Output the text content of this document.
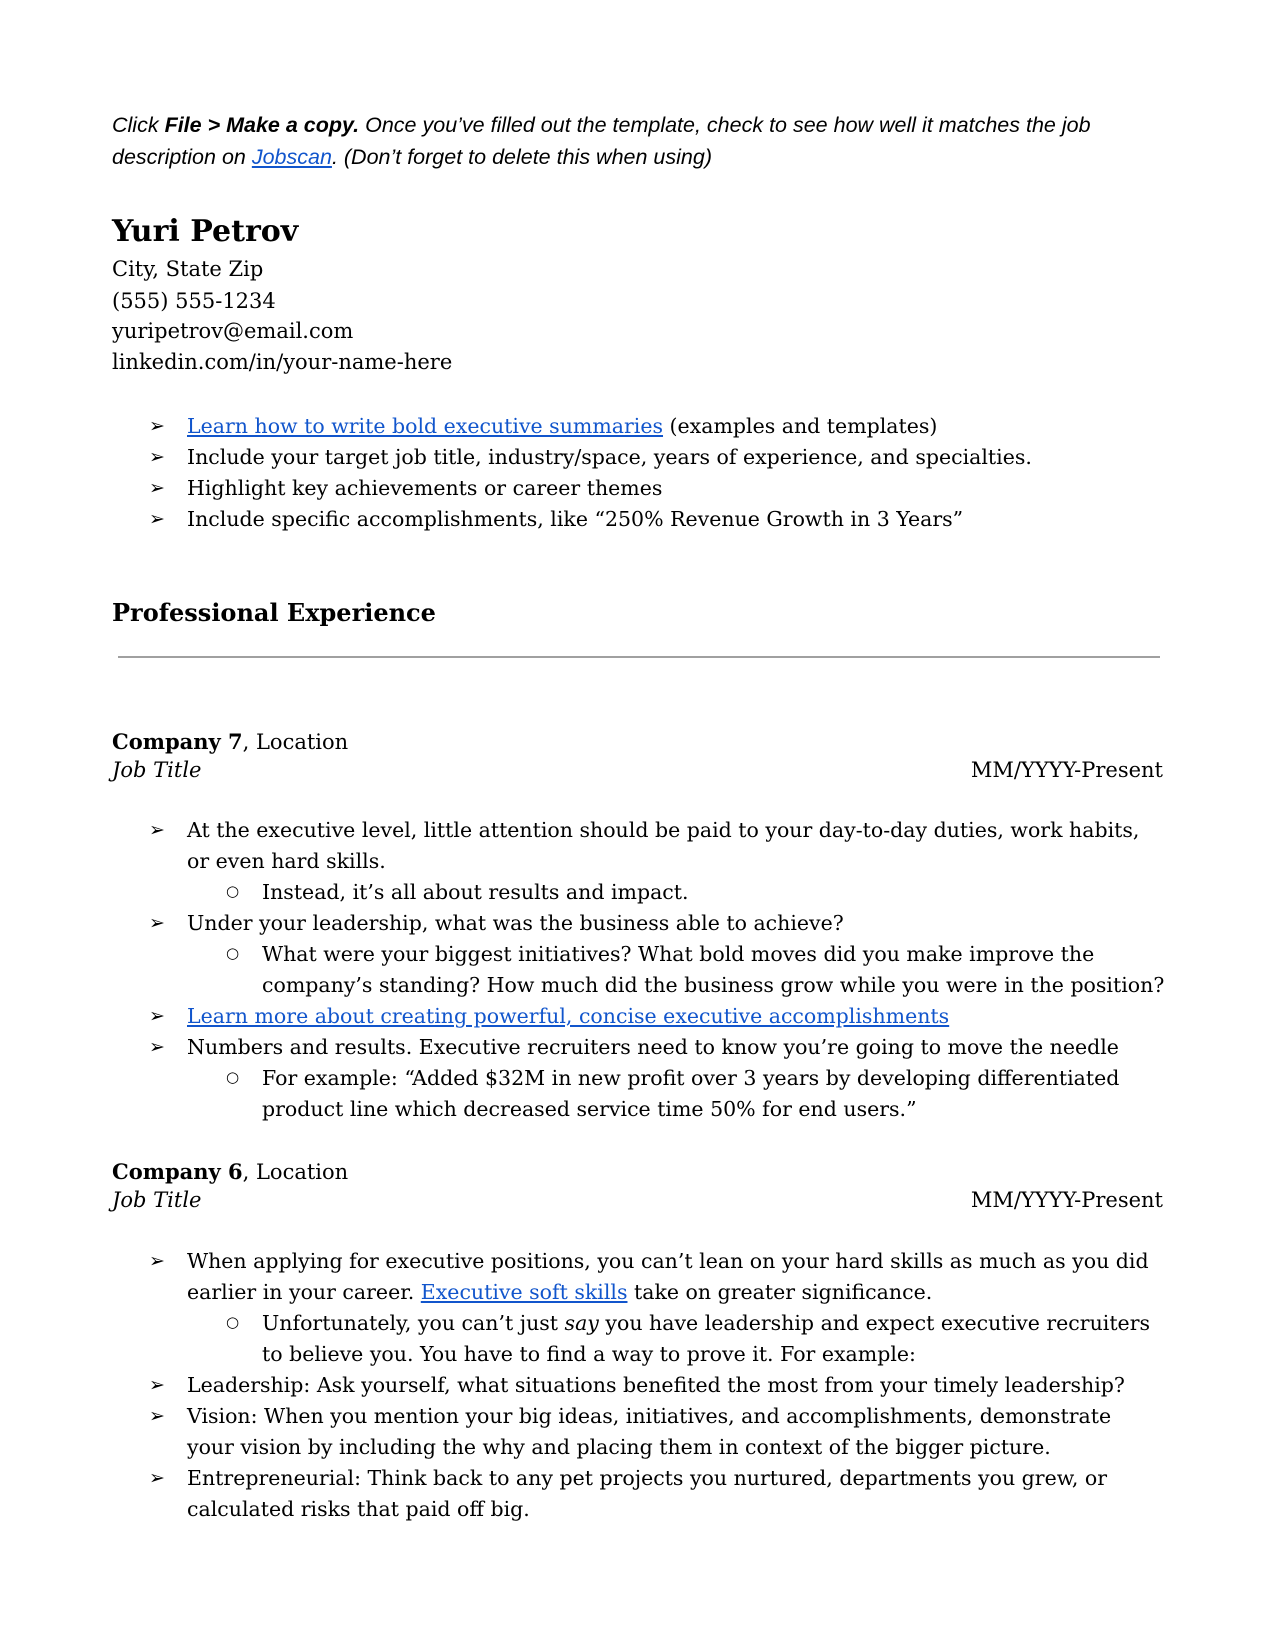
Click File > Make a copy. Once you’ve filled out the template, check to see how well it matches the job description on Jobscan. (Don’t forget to delete this when using)
Yuri Petrov
City, State Zip
(555) 555-1234
yuripetrov@email.com
linkedin.com/in/your-name-here
➢ Learn how to write bold executive summaries (examples and templates)
➢ Include your target job title, industry/space, years of experience, and specialties.
➢ Highlight key achievements or career themes
➢ Include specific accomplishments, like “250% Revenue Growth in 3 Years”
Professional Experience
Company 7, Location
Job Title	MM/YYYY-Present
➢ At the executive level, little attention should be paid to your day-to-day duties, work habits, or even hard skills.
➢ Under your leadership, what was the business able to achieve?
➢ Learn more about creating powerful, concise executive accomplishments
➢ Numbers and results. Executive recruiters need to know you’re going to move the needle
○ Instead, it’s all about results and impact.
○ What were your biggest initiatives? What bold moves did you make improve the company’s standing? How much did the business grow while you were in the position?
○ For example: “Added $32M in new profit over 3 years by developing differentiated product line which decreased service time 50% for end users.”
Company 6, Location
Job Title	MM/YYYY-Present
➢ When applying for executive positions, you can’t lean on your hard skills as much as you did earlier in your career. Executive soft skills take on greater significance.
➢ Leadership: Ask yourself, what situations benefited the most from your timely leadership?
➢ Vision: When you mention your big ideas, initiatives, and accomplishments, demonstrate your vision by including the why and placing them in context of the bigger picture.
➢ Entrepreneurial: Think back to any pet projects you nurtured, departments you grew, or calculated risks that paid off big.
○ Unfortunately, you can’t just say you have leadership and expect executive recruiters to believe you. You have to find a way to prove it. For example:
